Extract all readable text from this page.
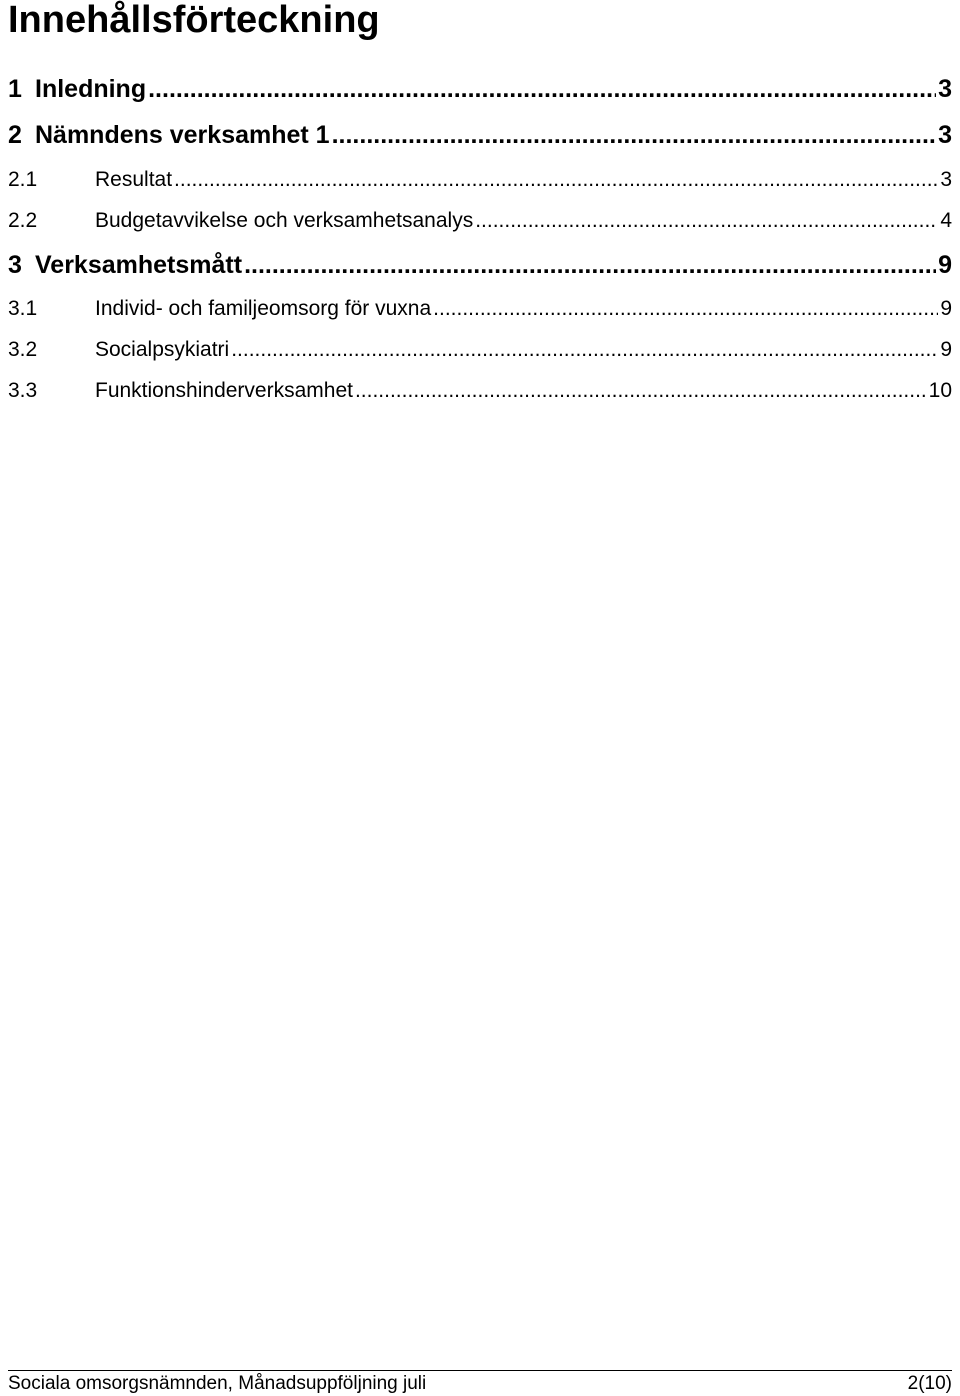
Innehållsförteckning
1 Inledning .....	3
2 Nämndens verksamhet 1 .....	3
2.1	Resultat .....	3
2.2	Budgetavvikelse och verksamhetsanalys .....	4
3 Verksamhetsmått .....	9
3.1	Individ- och familjeomsorg för vuxna .....	9
3.2	Socialpsykiatri .....	9
3.3	Funktionshinderverksamhet .....	10
Sociala omsorgsnämnden, Månadsuppföljning juli	2(10)
